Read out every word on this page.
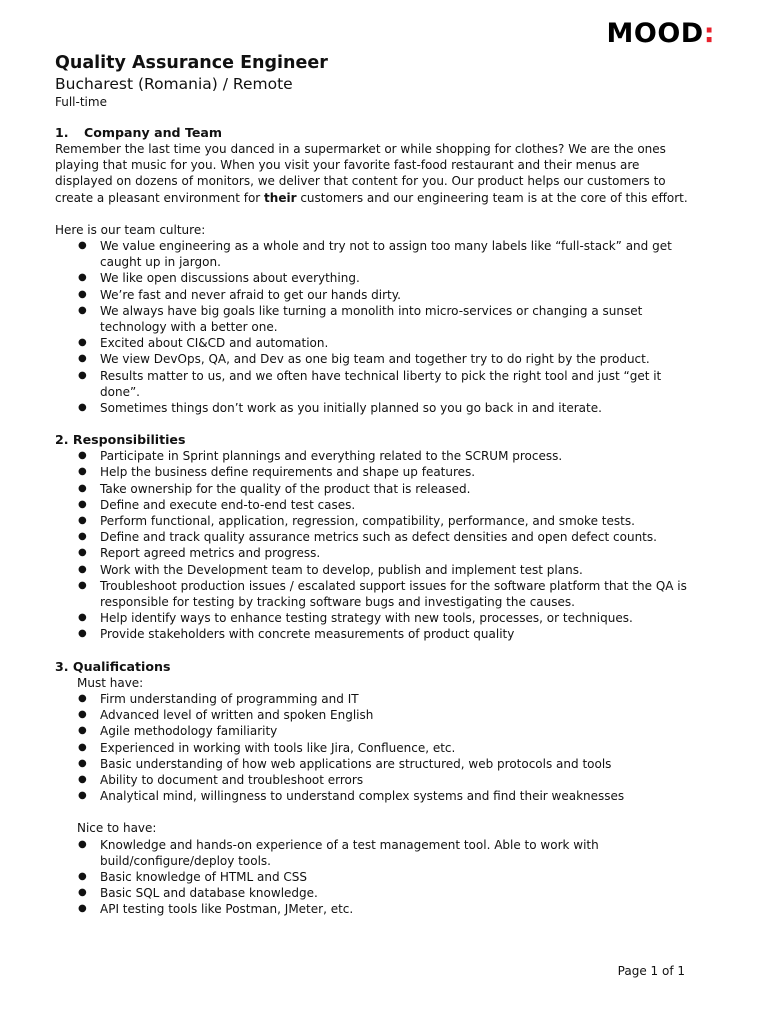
MOOD:

Quality Assurance Engineer

Bucharest (Romania) / Remote

Full-time

1. Company and Team

Remember the last time you danced in a supermarket or while shopping for clothes? We are the ones playing that music for you. When you visit your favorite fast-food restaurant and their menus are displayed on dozens of monitors, we deliver that content for you. Our product helps our customers to create a pleasant environment for their customers and our engineering team is at the core of this effort.

Here is our team culture:

● We value engineering as a whole and try not to assign too many labels like “full-stack” and get caught up in jargon.
● We like open discussions about everything.
● We’re fast and never afraid to get our hands dirty.
● We always have big goals like turning a monolith into micro-services or changing a sunset technology with a better one.
● Excited about CI&CD and automation.
● We view DevOps, QA, and Dev as one big team and together try to do right by the product.
● Results matter to us, and we often have technical liberty to pick the right tool and just “get it done”.
● Sometimes things don’t work as you initially planned so you go back in and iterate.

2. Responsibilities

● Participate in Sprint plannings and everything related to the SCRUM process.
● Help the business define requirements and shape up features.
● Take ownership for the quality of the product that is released.
● Define and execute end-to-end test cases.
● Perform functional, application, regression, compatibility, performance, and smoke tests.
● Define and track quality assurance metrics such as defect densities and open defect counts.
● Report agreed metrics and progress.
● Work with the Development team to develop, publish and implement test plans.
● Troubleshoot production issues / escalated support issues for the software platform that the QA is responsible for testing by tracking software bugs and investigating the causes.
● Help identify ways to enhance testing strategy with new tools, processes, or techniques.
● Provide stakeholders with concrete measurements of product quality

3. Qualifications

Must have:
● Firm understanding of programming and IT
● Advanced level of written and spoken English
● Agile methodology familiarity
● Experienced in working with tools like Jira, Confluence, etc.
● Basic understanding of how web applications are structured, web protocols and tools
● Ability to document and troubleshoot errors
● Analytical mind, willingness to understand complex systems and find their weaknesses
Nice to have:
● Knowledge and hands-on experience of a test management tool. Able to work with build/configure/deploy tools.
● Basic knowledge of HTML and CSS
● Basic SQL and database knowledge.
● API testing tools like Postman, JMeter, etc.
Page 1 of 1
